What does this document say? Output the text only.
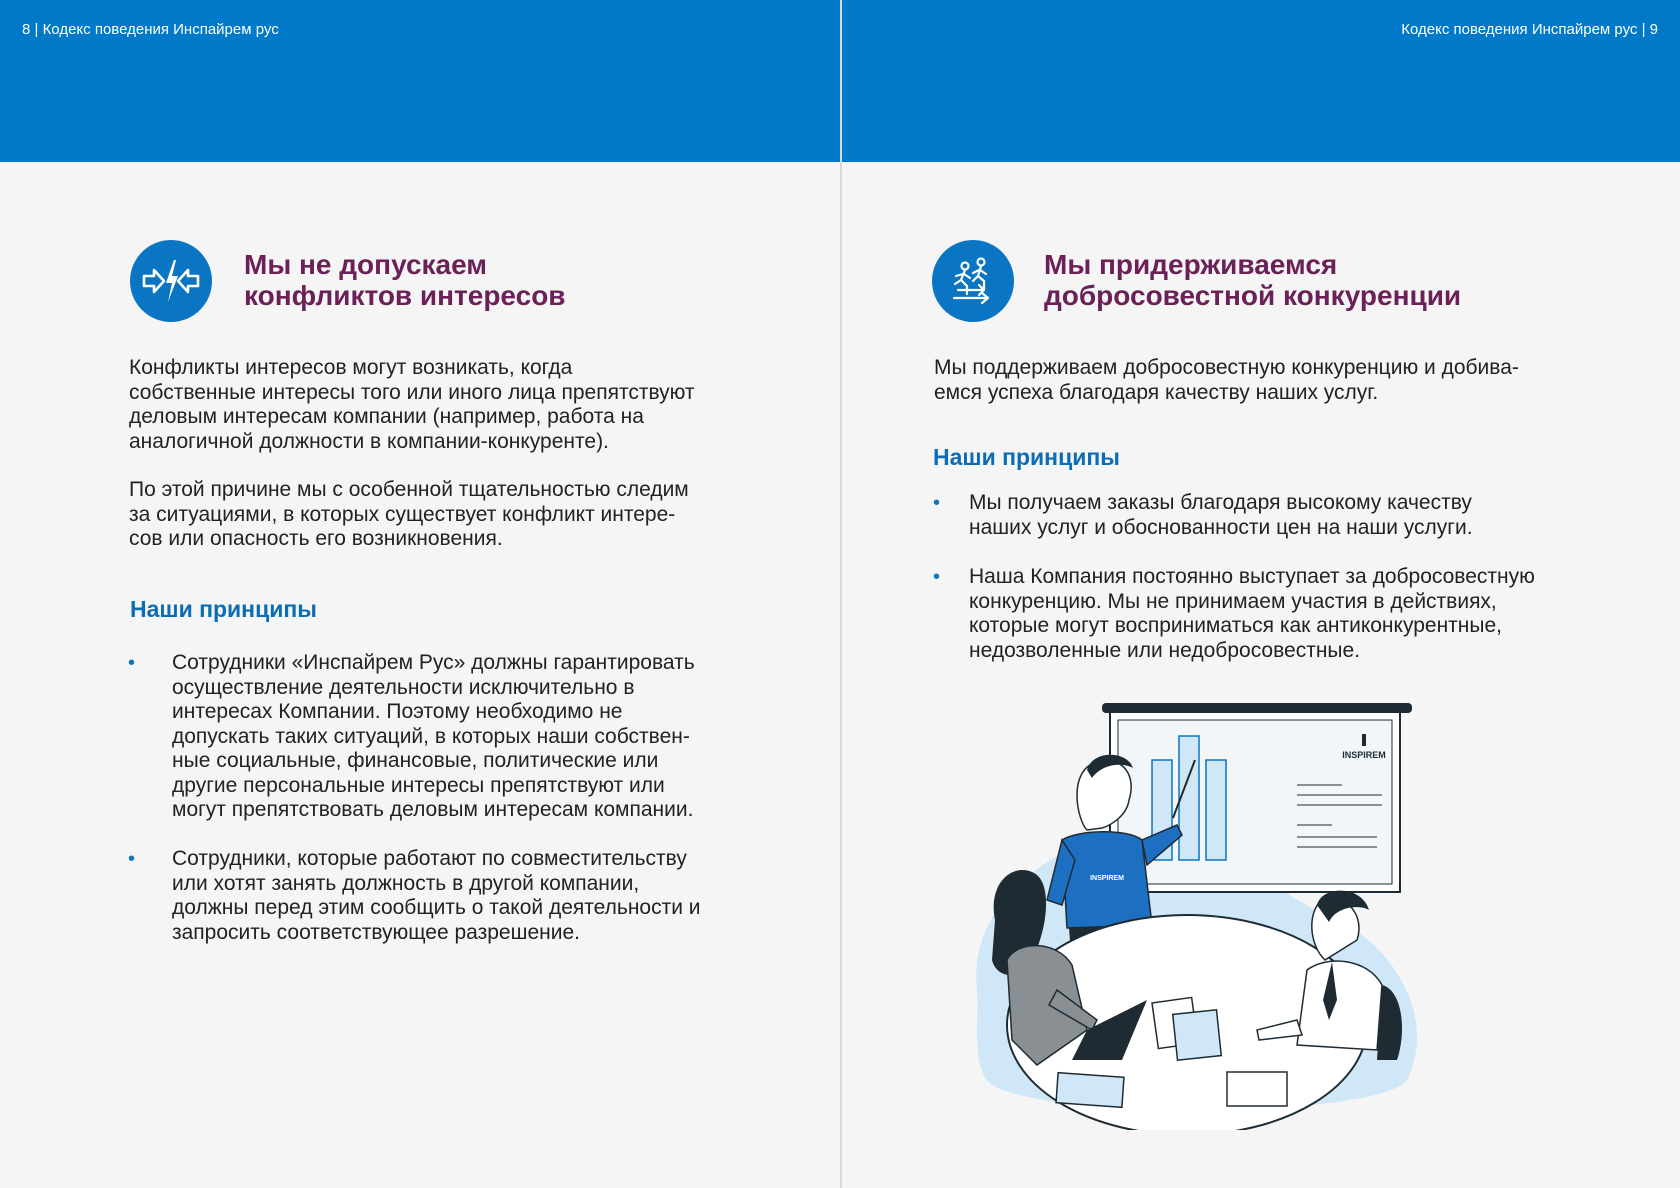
8 | Кодекс поведения Инспайрем рус
Мы не допускаем
конфликтов интересов

Конфликты интересов могут возникать, когда
собственные интересы того или иного лица препятствуют
деловым интересам компании (например, работа на
аналогичной должности в компании-конкуренте).

По этой причине мы с особенной тщательностью следим
за ситуациями, в которых существует конфликт интере-
сов или опасность его возникновения.

Наши принципы
• Сотрудники «Инспайрем Рус» должны гарантировать
осуществление деятельности исключительно в
интересах Компании. Поэтому необходимо не
допускать таких ситуаций, в которых наши собствен-
ные социальные, финансовые, политические или
другие персональные интересы препятствуют или
могут препятствовать деловым интересам компании.
• Сотрудники, которые работают по совместительству
или хотят занять должность в другой компании,
должны перед этим сообщить о такой деятельности и
запросить соответствующее разрешение.
Кодекс поведения Инспайрем рус | 9
Мы придерживаемся
добросовестной конкуренции

Мы поддерживаем добросовестную конкуренцию и добива-
емся успеха благодаря качеству наших услуг.

Наши принципы
• Мы получаем заказы благодаря высокому качеству
наших услуг и обоснованности цен на наши услуги.
• Наша Компания постоянно выступает за добросовестную
конкуренцию. Мы не принимаем участия в действиях,
которые могут восприниматься как антиконкурентные,
недозволенные или недобросовестные.
INSPIREM
INSPIREM
